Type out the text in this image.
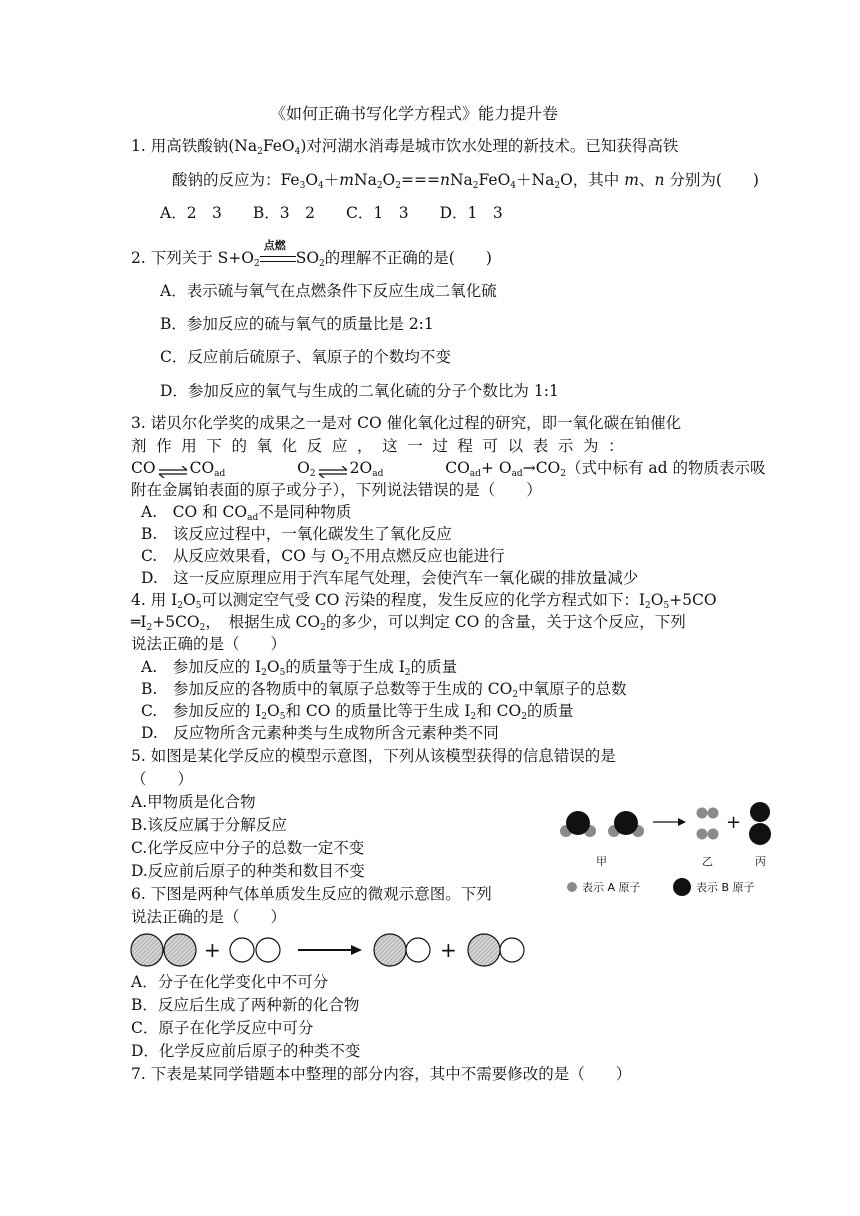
《如何正确书写化学方程式》能力提升卷
1. 用高铁酸钠$(Na_2FeO_4)$对河湖水消毒是城市饮水处理的新技术。已知获得高铁
酸钠的反应为：$Fe_3O_4+mNa_2O_2===nNa_2FeO_4+Na_2O$，其中 m、n 分别为(　　)
A．2　3　　B．3　2　　C．1　3　　D．1　3
2. 下列关于 $S+O_2$
点燃
$SO_2$的理解不正确的是(　　)
A．表示硫与氧气在点燃条件下反应生成二氧化硫
B．参加反应的硫与氧气的质量比是 2:1
C．反应前后硫原子、氧原子的个数均不变
D．参加反应的氧气与生成的二氧化硫的分子个数比为 1:1
3. 诺贝尔化学奖的成果之一是对 CO 催化氧化过程的研究，即一氧化碳在铂催化
剂作用下的氧化反应，这一过程可以表示为：
CO ⇌ $CO_{ad}$	$O_2$ ⇌ $2O_{ad}$	$CO_{ad}+ O_{ad}\to CO_2$（式中标有 ad 的物质表示吸
附在金属铂表面的原子或分子），下列说法错误的是（　　）
A.　CO 和 $CO_{ad}$不是同种物质
B.　该反应过程中，一氧化碳发生了氧化反应
C.　从反应效果看，CO 与 $O_2$不用点燃反应也能进行
D.　这一反应原理应用于汽车尾气处理，会使汽车一氧化碳的排放量减少
4. 用 $I_2O_5$可以测定空气受 CO 污染的程度，发生反应的化学方程式如下：$I_2O_5+5CO$
$═I_2+5CO_2$，　根据生成 $CO_2$的多少，可以判定 CO 的含量，关于这个反应，下列
说法正确的是（　　）
A.　参加反应的 $I_2O_5$的质量等于生成 $I_2$的质量
B.　参加反应的各物质中的氧原子总数等于生成的 $CO_2$中氧原子的总数
C.　参加反应的 $I_2O_5$和 CO 的质量比等于生成 $I_2$和 $CO_2$的质量
D.　反应物所含元素种类与生成物所含元素种类不同
5. 如图是某化学反应的模型示意图，下列从该模型获得的信息错误的是
（　　）
A.甲物质是化合物
B.该反应属于分解反应
C.化学反应中分子的总数一定不变
D.反应前后原子的种类和数目不变
+
甲	乙	丙
表示 A 原子	表示 B 原子
6. 下图是两种气体单质发生反应的微观示意图。下列
说法正确的是（　　）
+	+
A．分子在化学变化中不可分
B．反应后生成了两种新的化合物
C．原子在化学反应中可分
D．化学反应前后原子的种类不变
7. 下表是某同学错题本中整理的部分内容，其中不需要修改的是（　　）
